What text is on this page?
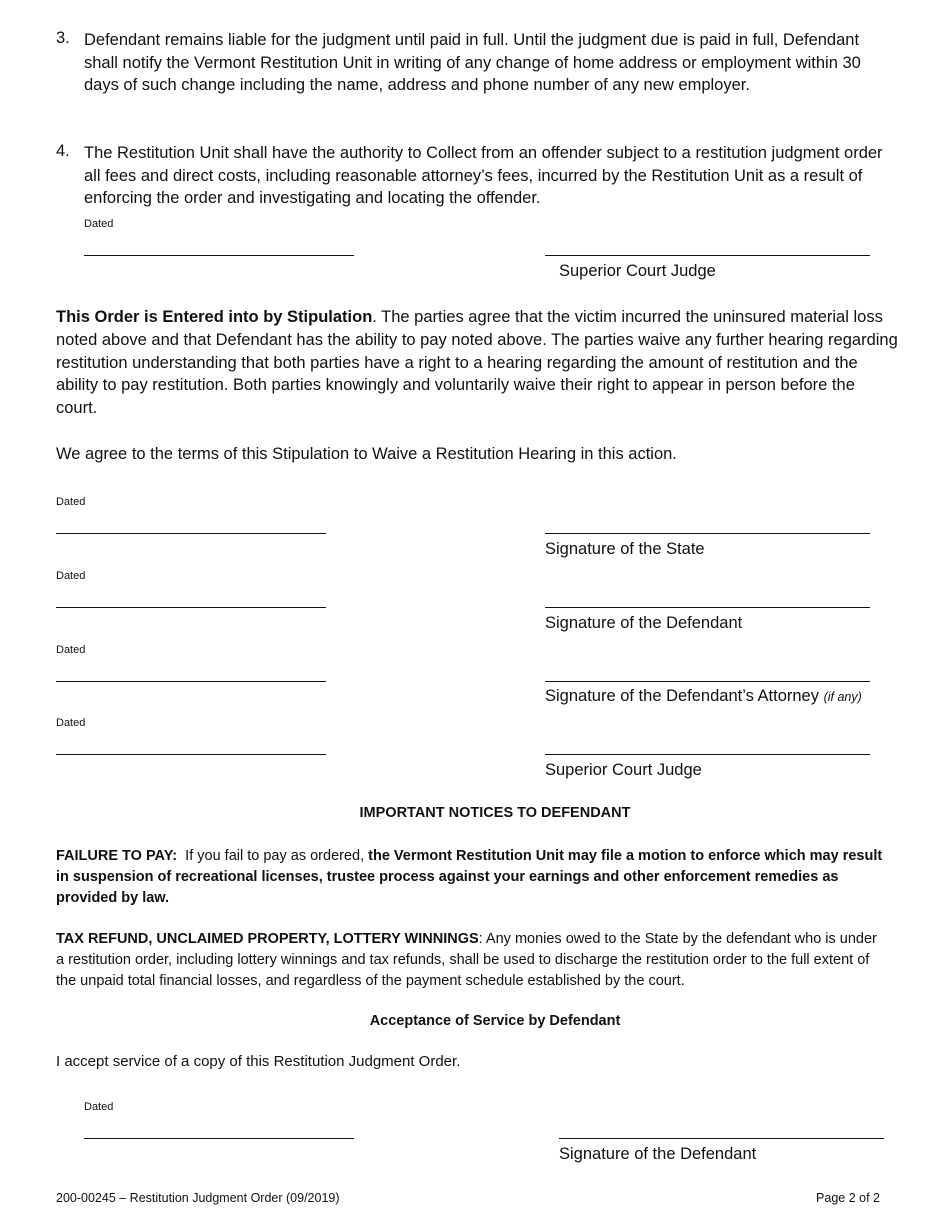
3. Defendant remains liable for the judgment until paid in full. Until the judgment due is paid in full, Defendant shall notify the Vermont Restitution Unit in writing of any change of home address or employment within 30 days of such change including the name, address and phone number of any new employer.
4. The Restitution Unit shall have the authority to Collect from an offender subject to a restitution judgment order all fees and direct costs, including reasonable attorney’s fees, incurred by the Restitution Unit as a result of enforcing the order and investigating and locating the offender.
Dated
Superior Court Judge
This Order is Entered into by Stipulation. The parties agree that the victim incurred the uninsured material loss noted above and that Defendant has the ability to pay noted above. The parties waive any further hearing regarding restitution understanding that both parties have a right to a hearing regarding the amount of restitution and the ability to pay restitution. Both parties knowingly and voluntarily waive their right to appear in person before the court.
We agree to the terms of this Stipulation to Waive a Restitution Hearing in this action.
Dated
Signature of the State
Dated
Signature of the Defendant
Dated
Signature of the Defendant’s Attorney (if any)
Dated
Superior Court Judge
IMPORTANT NOTICES TO DEFENDANT
FAILURE TO PAY:  If you fail to pay as ordered, the Vermont Restitution Unit may file a motion to enforce which may result in suspension of recreational licenses, trustee process against your earnings and other enforcement remedies as provided by law.
TAX REFUND, UNCLAIMED PROPERTY, LOTTERY WINNINGS: Any monies owed to the State by the defendant who is under a restitution order, including lottery winnings and tax refunds, shall be used to discharge the restitution order to the full extent of the unpaid total financial losses, and regardless of the payment schedule established by the court.
Acceptance of Service by Defendant
I accept service of a copy of this Restitution Judgment Order.
Dated
Signature of the Defendant
200-00245 – Restitution Judgment Order (09/2019)	Page 2 of 2
